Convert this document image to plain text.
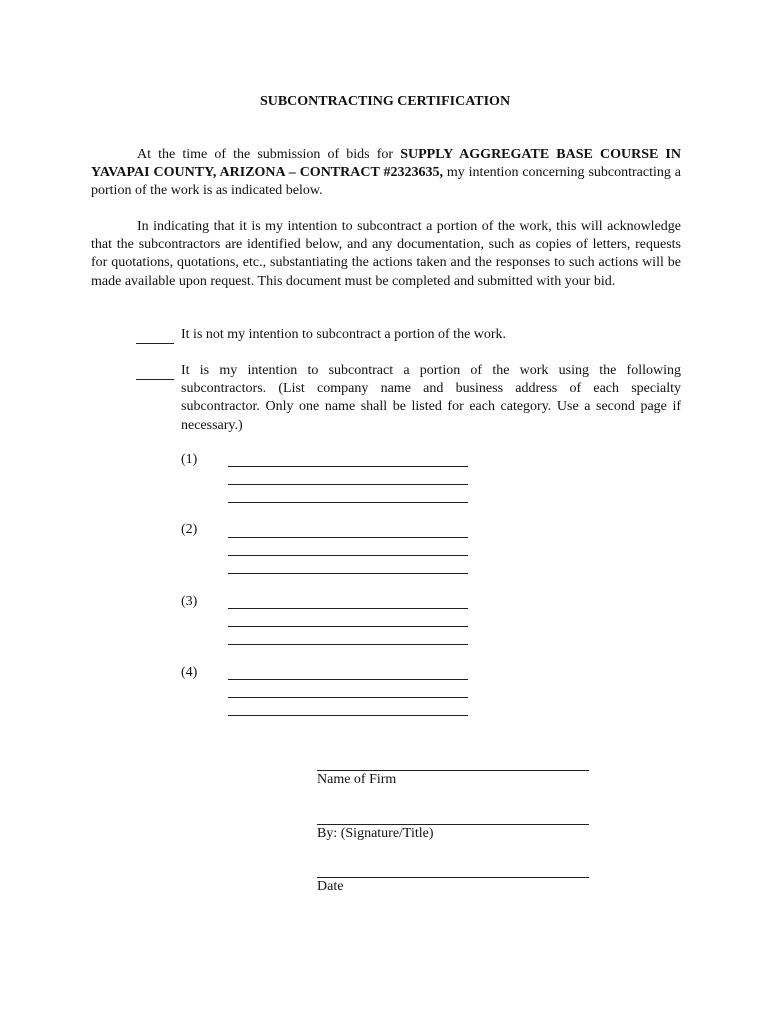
SUBCONTRACTING CERTIFICATION

At the time of the submission of bids for SUPPLY AGGREGATE BASE COURSE IN YAVAPAI COUNTY, ARIZONA – CONTRACT #2323635, my intention concerning subcontracting a portion of the work is as indicated below.

In indicating that it is my intention to subcontract a portion of the work, this will acknowledge that the subcontractors are identified below, and any documentation, such as copies of letters, requests for quotations, quotations, etc., substantiating the actions taken and the responses to such actions will be made available upon request. This document must be completed and submitted with your bid.

It is not my intention to subcontract a portion of the work.

It is my intention to subcontract a portion of the work using the following subcontractors. (List company name and business address of each specialty subcontractor. Only one name shall be listed for each category. Use a second page if necessary.)

(1)
(2)
(3)
(4)
Name of Firm
By: (Signature/Title)
Date
